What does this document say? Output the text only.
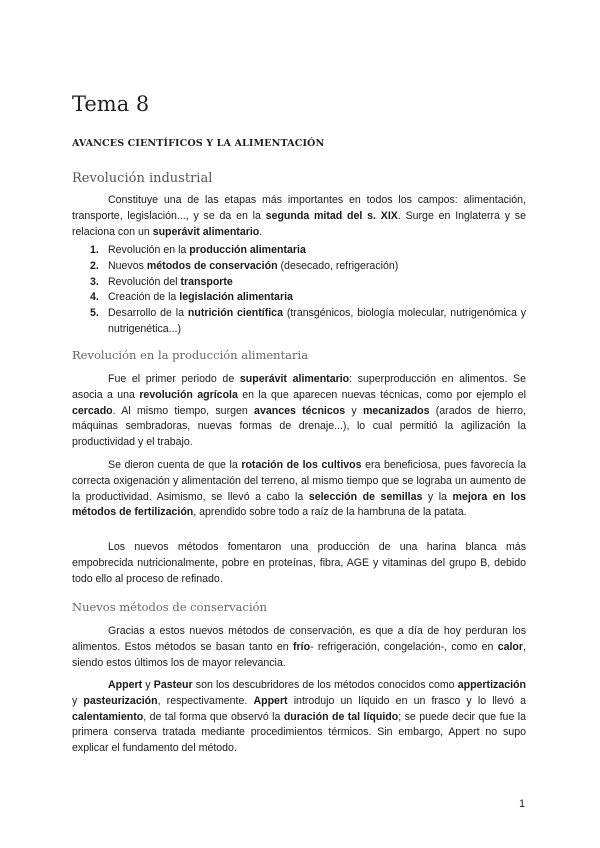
Tema 8
AVANCES CIENTÍFICOS Y LA ALIMENTACIÓN
Revolución industrial

Constituye una de las etapas más importantes en todos los campos: alimentación, transporte, legislación..., y se da en la segunda mitad del s. XIX. Surge en Inglaterra y se relaciona con un superávit alimentario.

1. Revolución en la producción alimentaria
2. Nuevos métodos de conservación (desecado, refrigeración)
3. Revolución del transporte
4. Creación de la legislación alimentaria
5. Desarrollo de la nutrición científica (transgénicos, biología molecular, nutrigenómica y nutrigenética...)
Revolución en la producción alimentaria

Fue el primer periodo de superávit alimentario: superproducción en alimentos. Se asocia a una revolución agrícola en la que aparecen nuevas técnicas, como por ejemplo el cercado. Al mismo tiempo, surgen avances técnicos y mecanizados (arados de hierro, máquinas sembradoras, nuevas formas de drenaje...), lo cual permitió la agilización la productividad y el trabajo.

Se dieron cuenta de que la rotación de los cultivos era beneficiosa, pues favorecía la correcta oxigenación y alimentación del terreno, al mismo tiempo que se lograba un aumento de la productividad. Asimismo, se llevó a cabo la selección de semillas y la mejora en los métodos de fertilización, aprendido sobre todo a raíz de la hambruna de la patata.

Los nuevos métodos fomentaron una producción de una harina blanca más empobrecida nutricionalmente, pobre en proteínas, fibra, AGE y vitaminas del grupo B, debido todo ello al proceso de refinado.

Nuevos métodos de conservación

Gracias a estos nuevos métodos de conservación, es que a día de hoy perduran los alimentos. Estos métodos se basan tanto en frío- refrigeración, congelación-, como en calor, siendo estos últimos los de mayor relevancia.

Appert y Pasteur son los descubridores de los métodos conocidos como appertización y pasteurización, respectivamente. Appert introdujo un líquido en un frasco y lo llevó a calentamiento, de tal forma que observó la duración de tal líquido; se puede decir que fue la primera conserva tratada mediante procedimientos térmicos. Sin embargo, Appert no supo explicar el fundamento del método.

1
